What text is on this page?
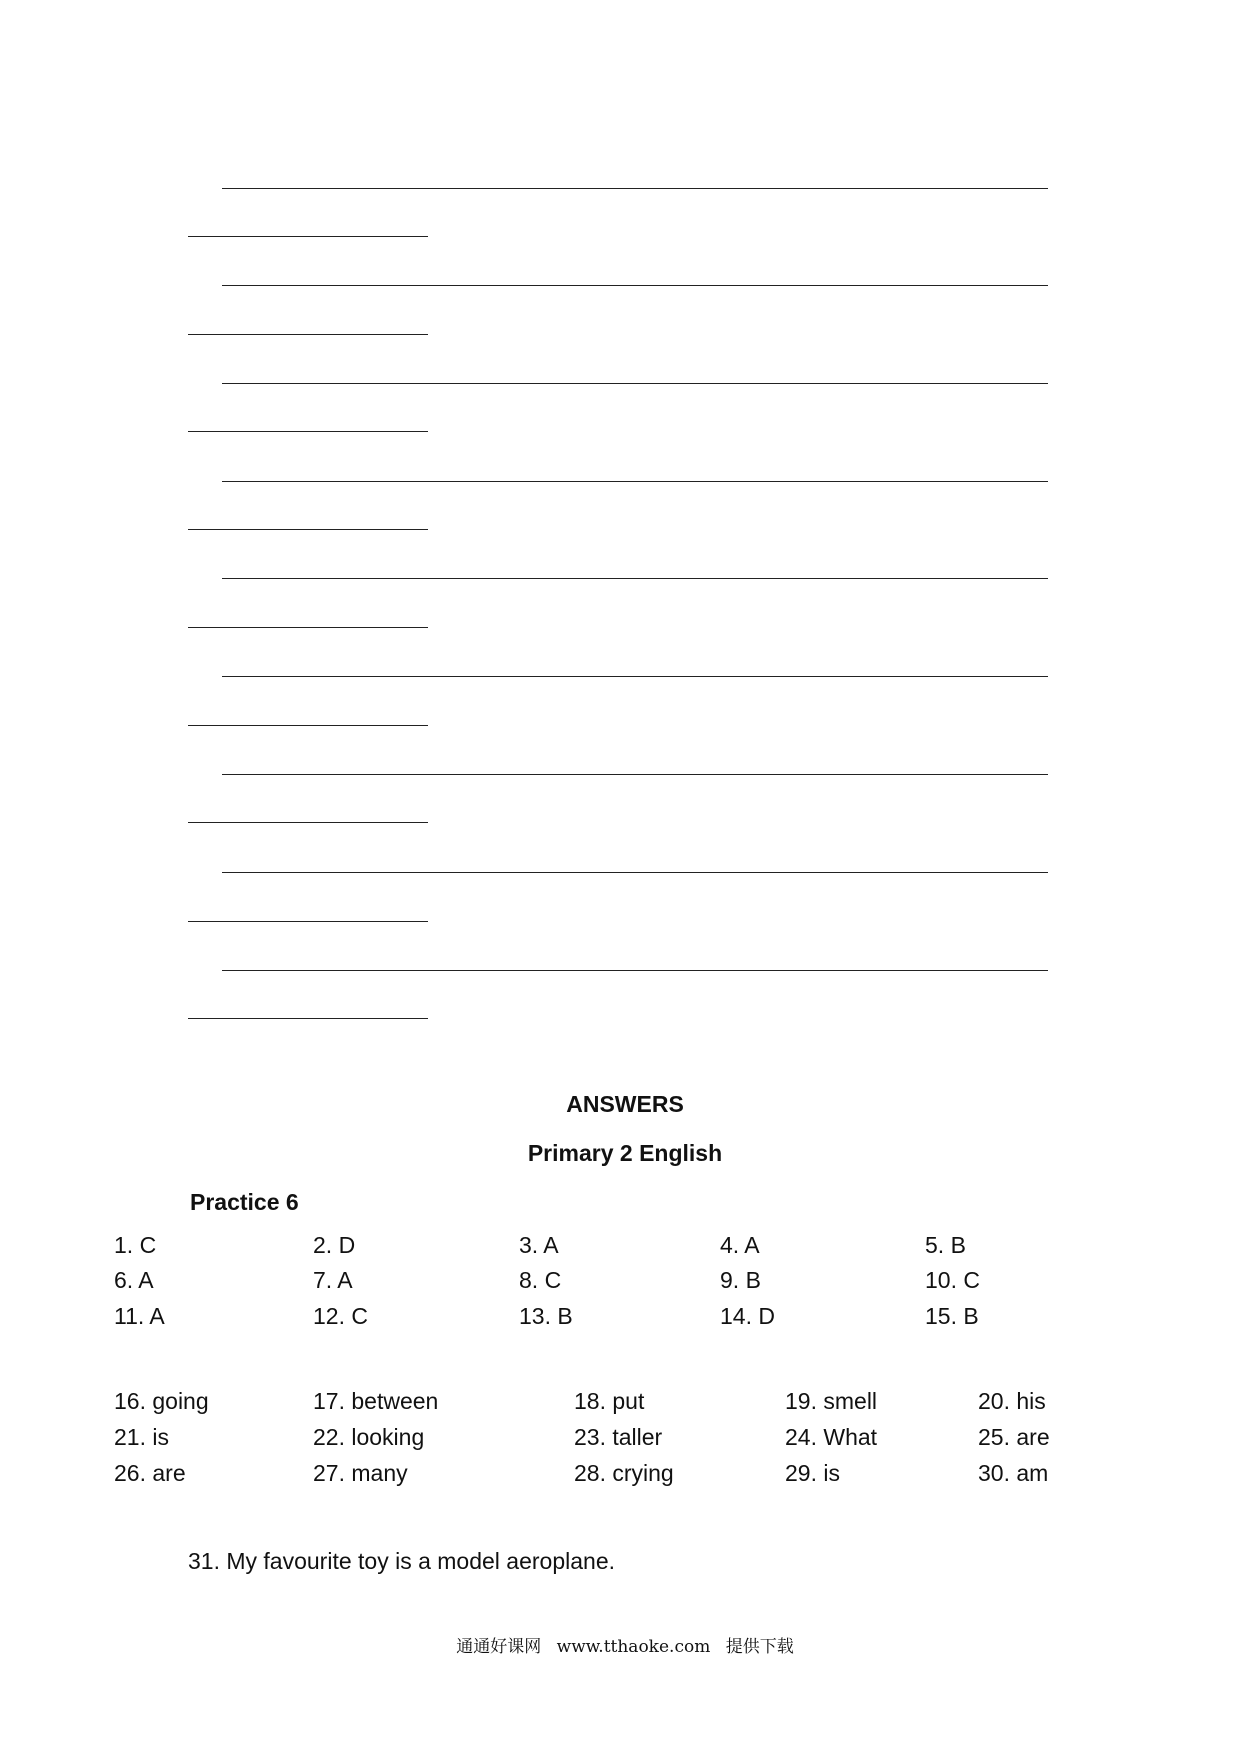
ANSWERS
Primary 2 English
Practice 6
1. C	2. D	3. A	4. A	5. B
6. A	7. A	8. C	9. B	10. C
11. A	12. C	13. B	14. D	15. B
16. going	17. between	18. put	19. smell	20. his
21. is	22. looking	23. taller	24. What	25. are
26. are	27. many	28. crying	29. is	30. am
31. My favourite toy is a model aeroplane.
通通好课网 www.tthaoke.com 提供下载
